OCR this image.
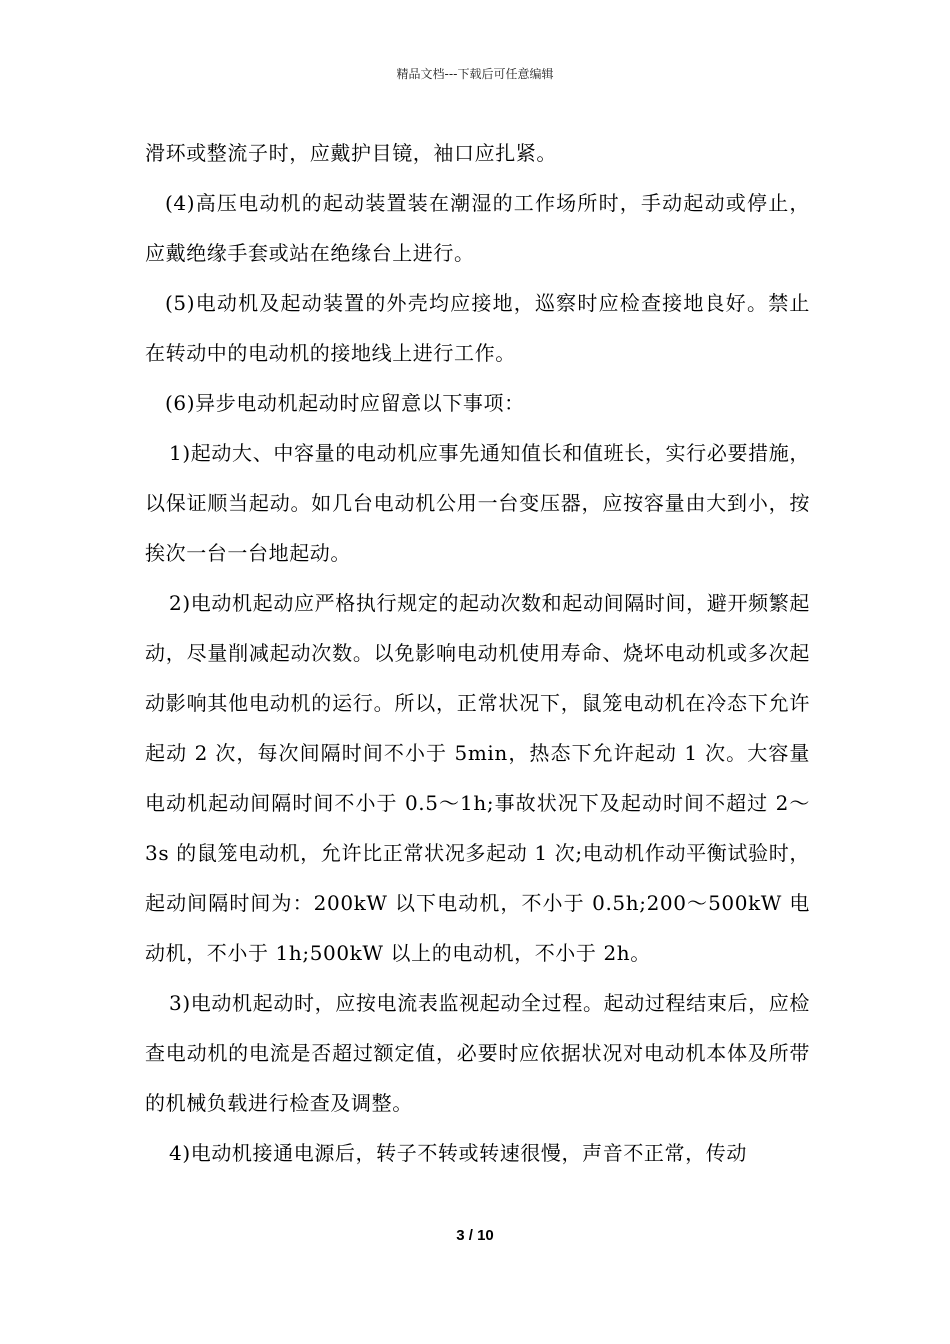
精品文档---下载后可任意编辑

滑环或整流子时，应戴护目镜，袖口应扎紧。

(4)高压电动机的起动装置装在潮湿的工作场所时，手动起动或停止，应戴绝缘手套或站在绝缘台上进行。

(5)电动机及起动装置的外壳均应接地，巡察时应检查接地良好。禁止在转动中的电动机的接地线上进行工作。

(6)异步电动机起动时应留意以下事项：

1)起动大、中容量的电动机应事先通知值长和值班长，实行必要措施，以保证顺当起动。如几台电动机公用一台变压器，应按容量由大到小，按挨次一台一台地起动。

2)电动机起动应严格执行规定的起动次数和起动间隔时间，避开频繁起动，尽量削减起动次数。以免影响电动机使用寿命、烧坏电动机或多次起动影响其他电动机的运行。所以，正常状况下，鼠笼电动机在冷态下允许起动 2 次，每次间隔时间不小于 5min，热态下允许起动 1 次。大容量电动机起动间隔时间不小于 0.5～1h;事故状况下及起动时间不超过 2～3s 的鼠笼电动机，允许比正常状况多起动 1 次;电动机作动平衡试验时，起动间隔时间为：200kW 以下电动机，不小于 0.5h;200～500kW 电动机，不小于 1h;500kW 以上的电动机，不小于 2h。

3)电动机起动时，应按电流表监视起动全过程。起动过程结束后，应检查电动机的电流是否超过额定值，必要时应依据状况对电动机本体及所带的机械负载进行检查及调整。

4)电动机接通电源后，转子不转或转速很慢，声音不正常，传动

3 / 10
